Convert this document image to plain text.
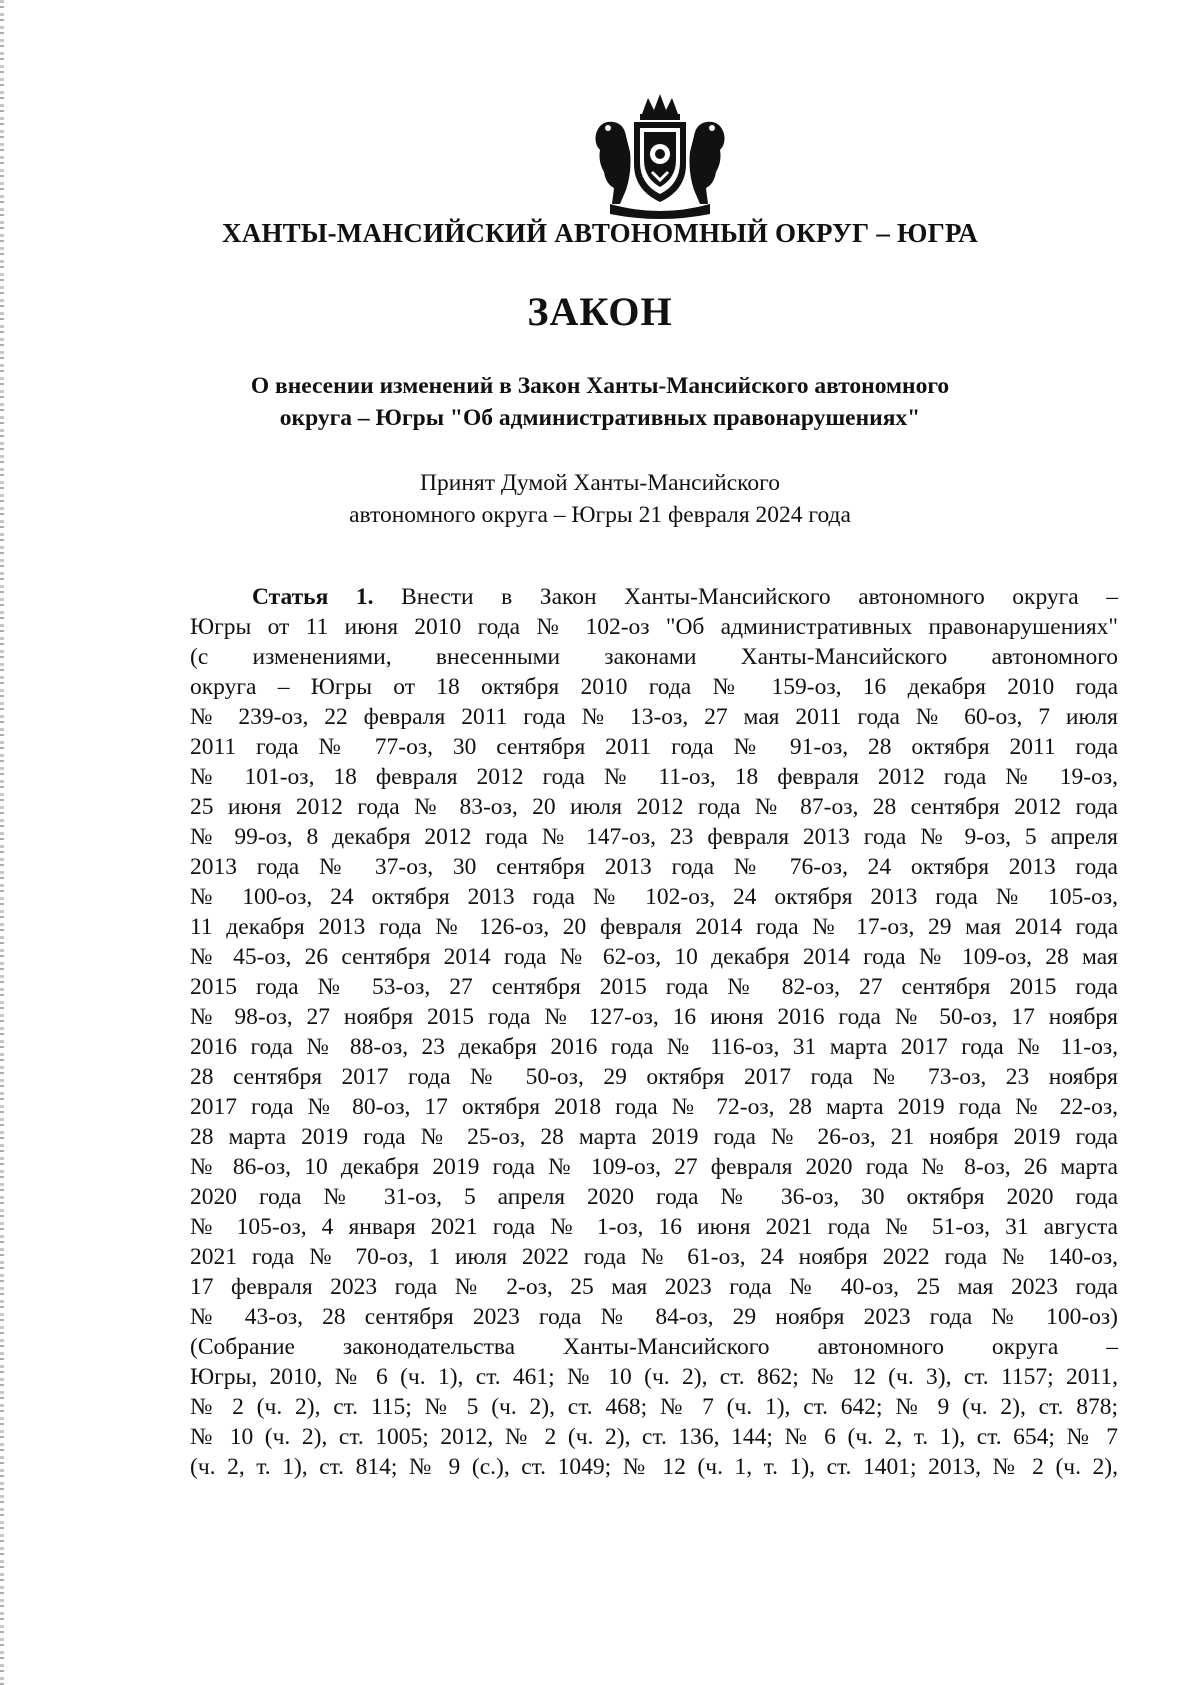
ХАНТЫ-МАНСИЙСКИЙ АВТОНОМНЫЙ ОКРУГ – ЮГРА
ЗАКОН
О внесении изменений в Закон Ханты-Мансийского автономного
округа – Югры "Об административных правонарушениях"
Принят Думой Ханты-Мансийского
автономного округа – Югры 21 февраля 2024 года
Статья 1. Внести в Закон Ханты-Мансийского автономного округа –
Югры от 11 июня 2010 года № 102-оз "Об административных правонарушениях"
(с изменениями, внесенными законами Ханты-Мансийского автономного
округа – Югры от 18 октября 2010 года № 159-оз, 16 декабря 2010 года
№ 239-оз, 22 февраля 2011 года № 13-оз, 27 мая 2011 года № 60-оз, 7 июля
2011 года № 77-оз, 30 сентября 2011 года № 91-оз, 28 октября 2011 года
№ 101-оз, 18 февраля 2012 года № 11-оз, 18 февраля 2012 года № 19-оз,
25 июня 2012 года № 83-оз, 20 июля 2012 года № 87-оз, 28 сентября 2012 года
№ 99-оз, 8 декабря 2012 года № 147-оз, 23 февраля 2013 года № 9-оз, 5 апреля
2013 года № 37-оз, 30 сентября 2013 года № 76-оз, 24 октября 2013 года
№ 100-оз, 24 октября 2013 года № 102-оз, 24 октября 2013 года № 105-оз,
11 декабря 2013 года № 126-оз, 20 февраля 2014 года № 17-оз, 29 мая 2014 года
№ 45-оз, 26 сентября 2014 года № 62-оз, 10 декабря 2014 года № 109-оз, 28 мая
2015 года № 53-оз, 27 сентября 2015 года № 82-оз, 27 сентября 2015 года
№ 98-оз, 27 ноября 2015 года № 127-оз, 16 июня 2016 года № 50-оз, 17 ноября
2016 года № 88-оз, 23 декабря 2016 года № 116-оз, 31 марта 2017 года № 11-оз,
28 сентября 2017 года № 50-оз, 29 октября 2017 года № 73-оз, 23 ноября
2017 года № 80-оз, 17 октября 2018 года № 72-оз, 28 марта 2019 года № 22-оз,
28 марта 2019 года № 25-оз, 28 марта 2019 года № 26-оз, 21 ноября 2019 года
№ 86-оз, 10 декабря 2019 года № 109-оз, 27 февраля 2020 года № 8-оз, 26 марта
2020 года № 31-оз, 5 апреля 2020 года № 36-оз, 30 октября 2020 года
№ 105-оз, 4 января 2021 года № 1-оз, 16 июня 2021 года № 51-оз, 31 августа
2021 года № 70-оз, 1 июля 2022 года № 61-оз, 24 ноября 2022 года № 140-оз,
17 февраля 2023 года № 2-оз, 25 мая 2023 года № 40-оз, 25 мая 2023 года
№ 43-оз, 28 сентября 2023 года № 84-оз, 29 ноября 2023 года № 100-оз)
(Собрание законодательства Ханты-Мансийского автономного округа –
Югры, 2010, № 6 (ч. 1), ст. 461; № 10 (ч. 2), ст. 862; № 12 (ч. 3), ст. 1157; 2011,
№ 2 (ч. 2), ст. 115; № 5 (ч. 2), ст. 468; № 7 (ч. 1), ст. 642; № 9 (ч. 2), ст. 878;
№ 10 (ч. 2), ст. 1005; 2012, № 2 (ч. 2), ст. 136, 144; № 6 (ч. 2, т. 1), ст. 654; № 7
(ч. 2, т. 1), ст. 814; № 9 (с.), ст. 1049; № 12 (ч. 1, т. 1), ст. 1401; 2013, № 2 (ч. 2),
